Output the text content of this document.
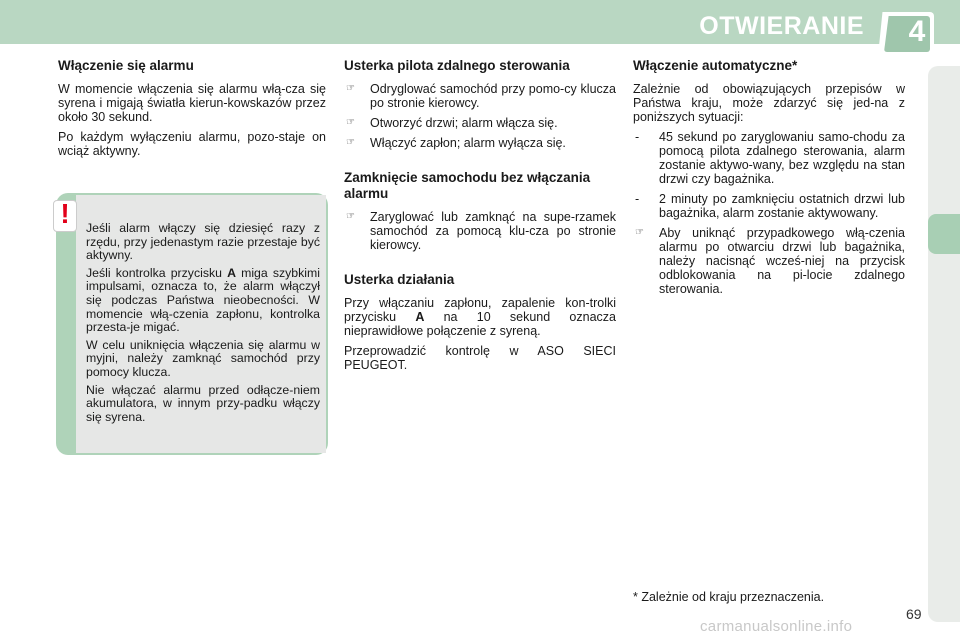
OTWIERANIE	4
Włączenie się alarmu

W momencie włączenia się alarmu włą-cza się syrena i migają światła kierun-kowskazów przez około 30 sekund.

Po każdym wyłączeniu alarmu, pozo-staje on wciąż aktywny.

!	Jeśli alarm włączy się dziesięć razy z rzędu, przy jedenastym razie przestaje być aktywny.

Jeśli kontrolka przycisku A miga szybkimi impulsami, oznacza to, że alarm włączył się podczas Państwa nieobecności. W momencie włą-czenia zapłonu, kontrolka przesta-je migać.

W celu uniknięcia włączenia się alarmu w myjni, należy zamknąć samochód przy pomocy klucza.

Nie włączać alarmu przed odłącze-niem akumulatora, w innym przy-padku włączy się syrena.

Usterka pilota zdalnego sterowania
☞ Odryglować samochód przy pomo-cy klucza po stronie kierowcy.
☞ Otworzyć drzwi; alarm włącza się.
☞ Włączyć zapłon; alarm wyłącza się.
Zamknięcie samochodu bez włączania alarmu
☞ Zaryglować lub zamknąć na supe-rzamek samochód za pomocą klu-cza po stronie kierowcy.
Usterka działania

Przy włączaniu zapłonu, zapalenie kon-trolki przycisku A na 10 sekund oznacza nieprawidłowe połączenie z syreną.

Przeprowadzić kontrolę w ASO SIECI PEUGEOT.

Włączenie automatyczne*

Zależnie od obowiązujących przepisów w Państwa kraju, może zdarzyć się jed-na z poniższych sytuacji:

- 45 sekund po zaryglowaniu samo-chodu za pomocą pilota zdalnego sterowania, alarm zostanie aktywo-wany, bez względu na stan drzwi czy bagażnika.
- 2 minuty po zamknięciu ostatnich drzwi lub bagażnika, alarm zostanie aktywowany.
☞ Aby uniknąć przypadkowego włą-czenia alarmu po otwarciu drzwi lub bagażnika, należy nacisnąć wcześ-niej na przycisk odblokowania na pi-locie zdalnego sterowania.
* Zależnie od kraju przeznaczenia.
69
carmanualsonline.info
